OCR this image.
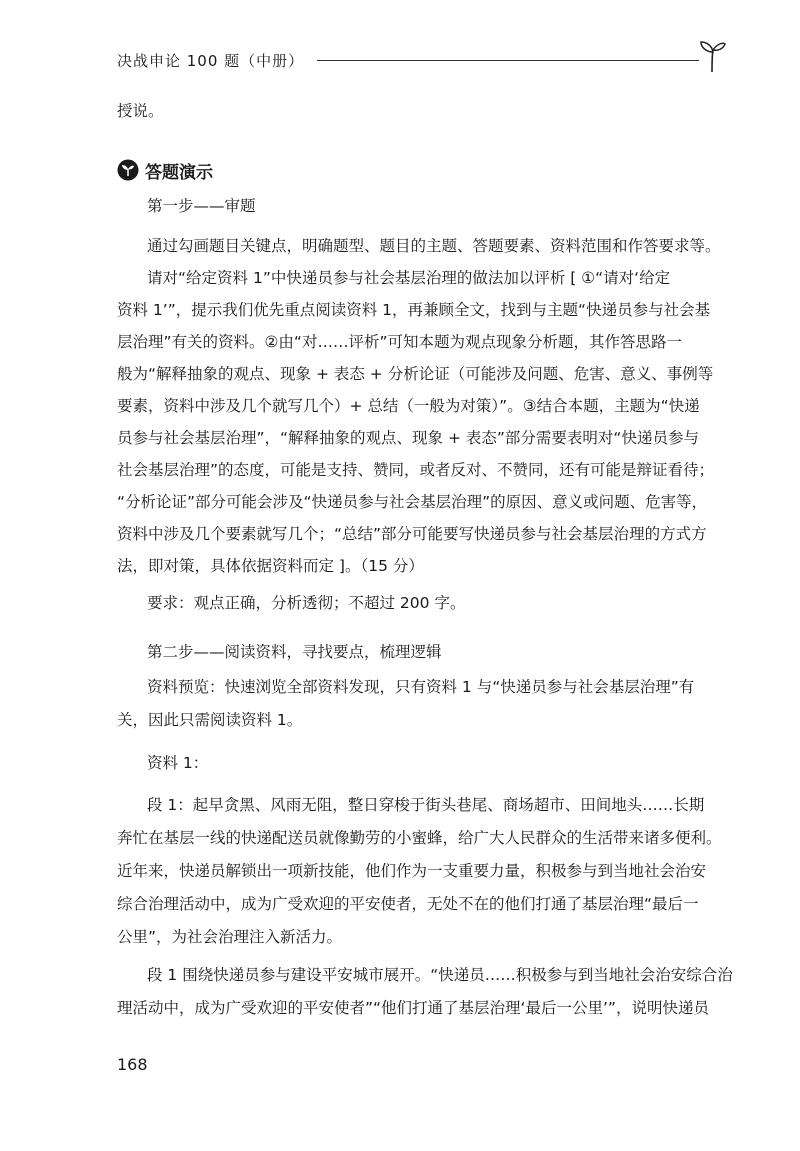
决战申论 100 题（中册）
授说。
答题演示
第一步——审题
通过勾画题目关键点，明确题型、题目的主题、答题要素、资料范围和作答要求等。
请对“给定资料 1”中快递员参与社会基层治理的做法加以评析 [ ①“请对‘给定
资料 1’”，提示我们优先重点阅读资料 1，再兼顾全文，找到与主题“快递员参与社会基
层治理”有关的资料。②由“对……评析”可知本题为观点现象分析题，其作答思路一
般为“解释抽象的观点、现象 + 表态 + 分析论证（可能涉及问题、危害、意义、事例等
要素，资料中涉及几个就写几个）+ 总结（一般为对策）”。③结合本题，主题为“快递
员参与社会基层治理”，“解释抽象的观点、现象 + 表态”部分需要表明对“快递员参与
社会基层治理”的态度，可能是支持、赞同，或者反对、不赞同，还有可能是辩证看待；
“分析论证”部分可能会涉及“快递员参与社会基层治理”的原因、意义或问题、危害等，
资料中涉及几个要素就写几个；“总结”部分可能要写快递员参与社会基层治理的方式方
法，即对策，具体依据资料而定 ]。（15 分）
要求：观点正确，分析透彻；不超过 200 字。
第二步——阅读资料，寻找要点，梳理逻辑
资料预览：快速浏览全部资料发现，只有资料 1 与“快递员参与社会基层治理”有
关，因此只需阅读资料 1。
资料 1：
段 1：起早贪黑、风雨无阻，整日穿梭于街头巷尾、商场超市、田间地头……长期
奔忙在基层一线的快递配送员就像勤劳的小蜜蜂，给广大人民群众的生活带来诸多便利。
近年来，快递员解锁出一项新技能，他们作为一支重要力量，积极参与到当地社会治安
综合治理活动中，成为广受欢迎的平安使者，无处不在的他们打通了基层治理“最后一
公里”，为社会治理注入新活力。
段 1 围绕快递员参与建设平安城市展开。“快递员……积极参与到当地社会治安综合治
理活动中，成为广受欢迎的平安使者”“他们打通了基层治理‘最后一公里’”，说明快递员
168
